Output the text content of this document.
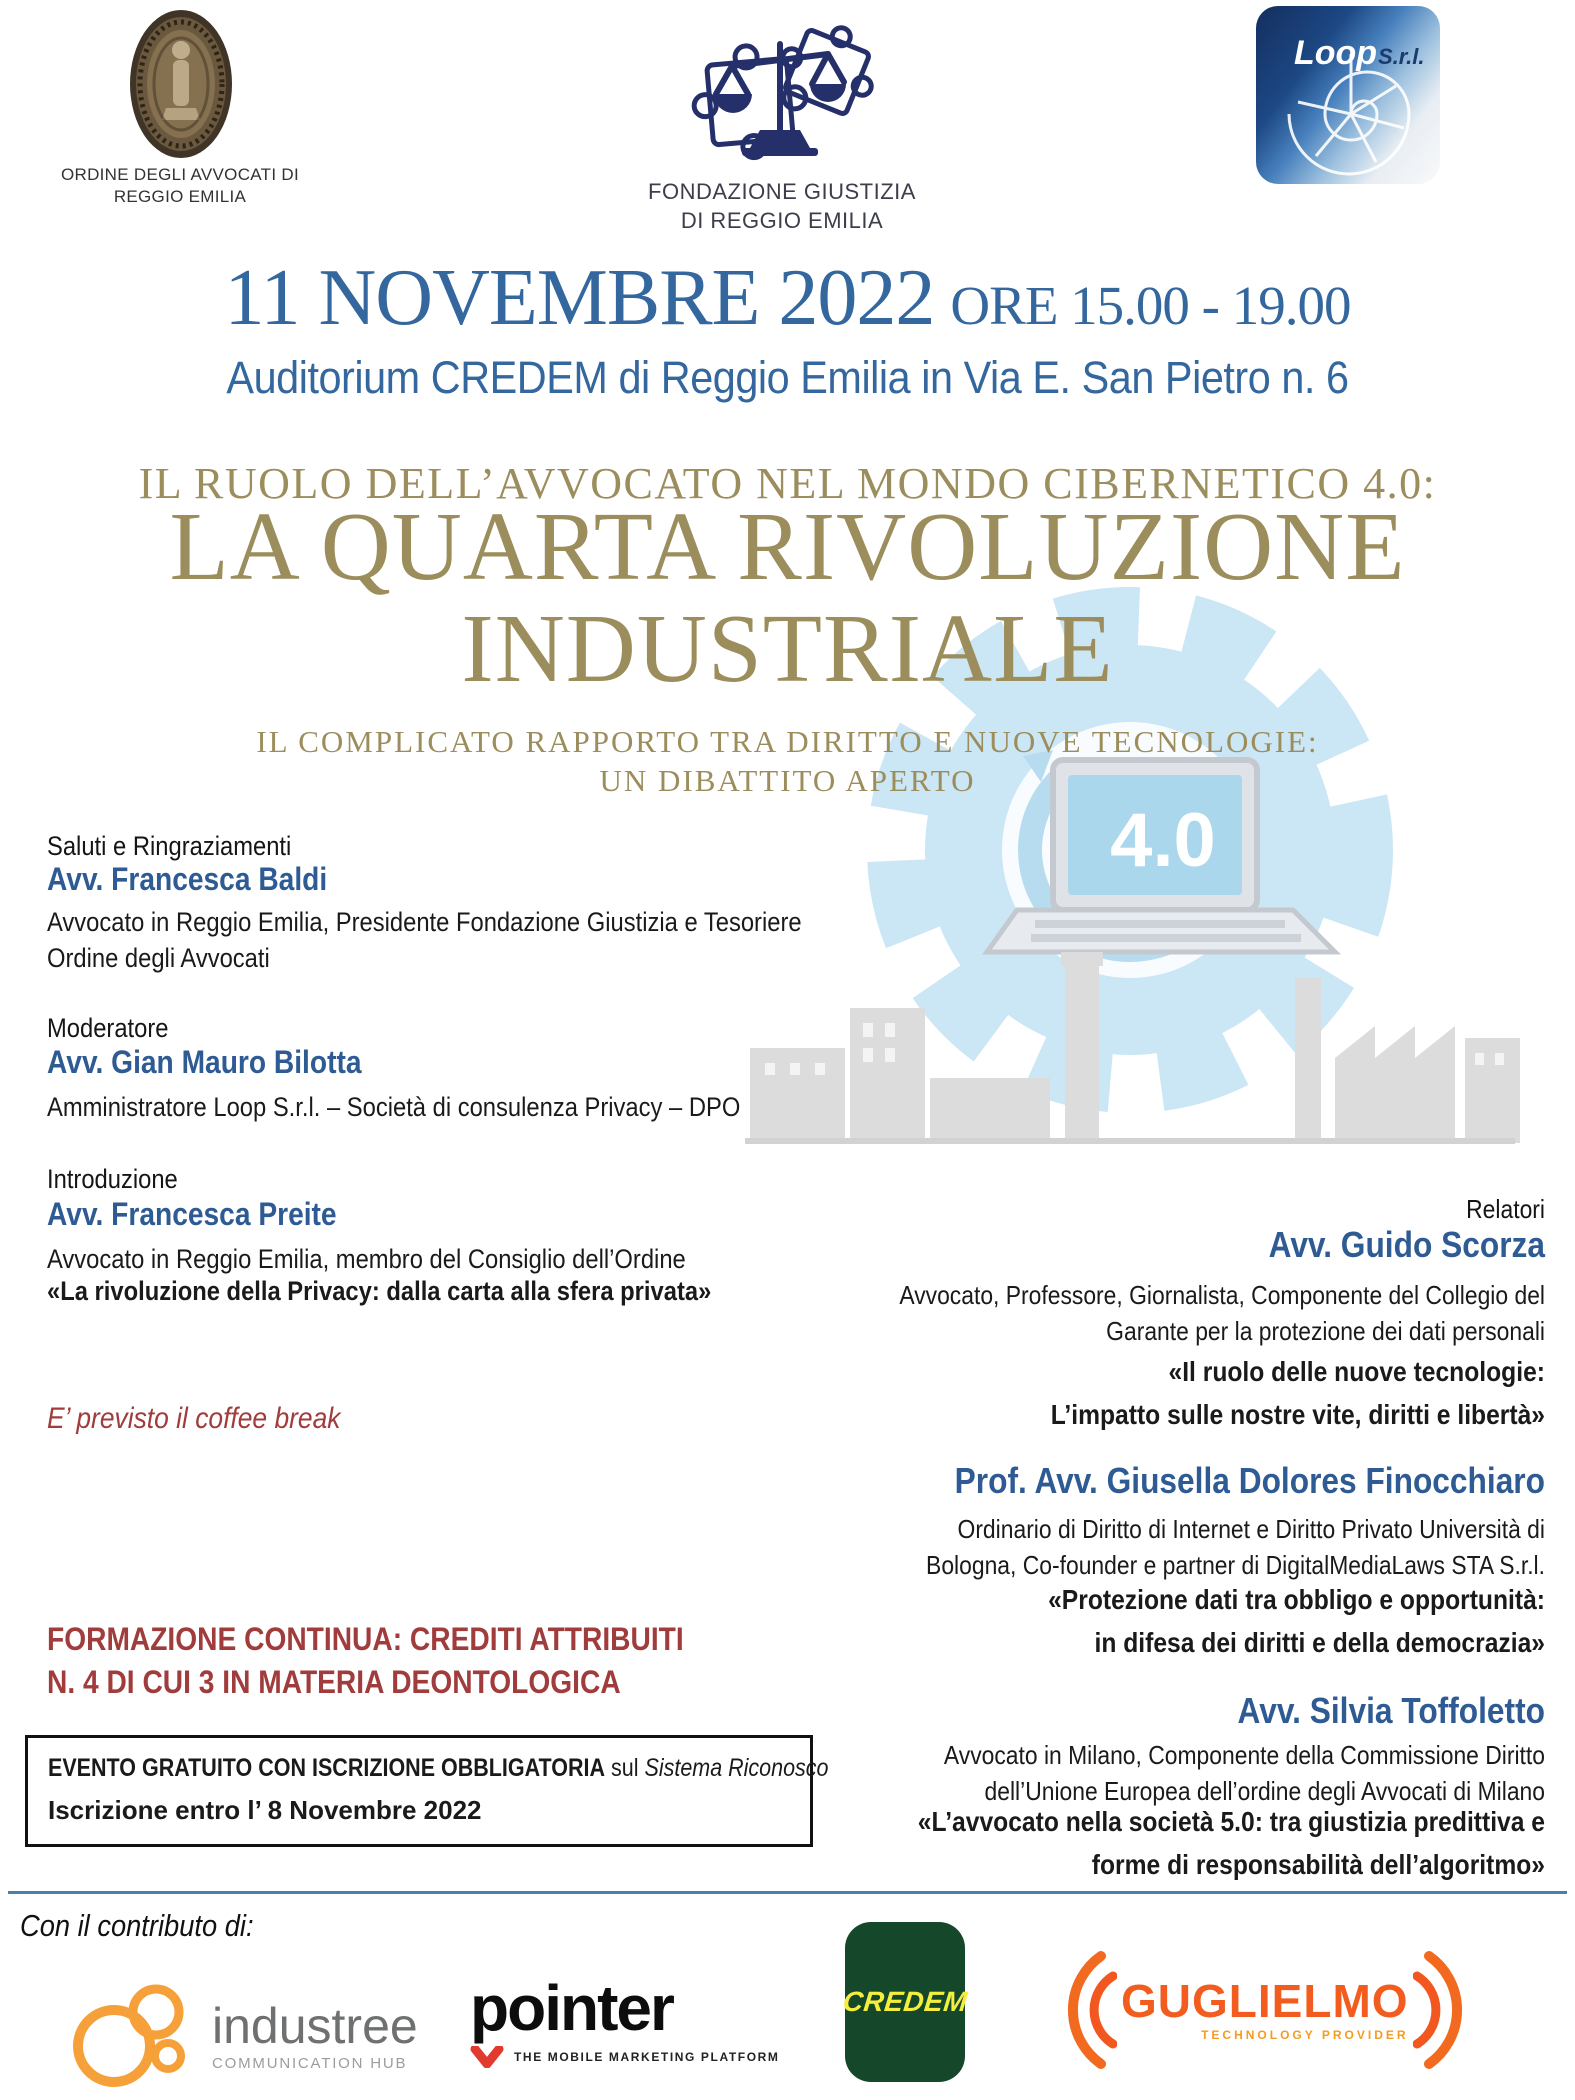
ORDINE DEGLI AVVOCATI DI
REGGIO EMILIA	FONDAZIONE GIUSTIZIA
DI REGGIO EMILIA
Loop S.r.l.
4.0
11 NOVEMBRE 2022 ORE 15.00 - 19.00
Auditorium CREDEM di Reggio Emilia in Via E. San Pietro n. 6
IL RUOLO DELL’AVVOCATO NEL MONDO CIBERNETICO 4.0:
LA QUARTA RIVOLUZIONE
INDUSTRIALE
IL COMPLICATO RAPPORTO TRA DIRITTO E NUOVE TECNOLOGIE:
UN DIBATTITO APERTO
Saluti e Ringraziamenti
Avv. Francesca Baldi
Avvocato in Reggio Emilia, Presidente Fondazione Giustizia e Tesoriere
Ordine degli Avvocati
Moderatore
Avv. Gian Mauro Bilotta
Amministratore Loop S.r.l. – Società di consulenza Privacy – DPO
Introduzione
Avv. Francesca Preite
Avvocato in Reggio Emilia, membro del Consiglio dell’Ordine
«La rivoluzione della Privacy: dalla carta alla sfera privata»
E’ previsto il coffee break
FORMAZIONE CONTINUA: CREDITI ATTRIBUITI
N. 4 DI CUI 3 IN MATERIA DEONTOLOGICA
EVENTO GRATUITO CON ISCRIZIONE OBBLIGATORIA sul Sistema Riconosco
Iscrizione entro l’ 8 Novembre 2022
Relatori
Avv. Guido Scorza
Avvocato, Professore, Giornalista, Componente del Collegio del
Garante per la protezione dei dati personali
«Il ruolo delle nuove tecnologie:
L’impatto sulle nostre vite, diritti e libertà»
Prof. Avv. Giusella Dolores Finocchiaro
Ordinario di Diritto di Internet e Diritto Privato Università di
Bologna, Co-founder e partner di DigitalMediaLaws STA S.r.l.
«Protezione dati tra obbligo e opportunità:
in difesa dei diritti e della democrazia»
Avv. Silvia Toffoletto
Avvocato in Milano, Componente della Commissione Diritto
dell’Unione Europea dell’ordine degli Avvocati di Milano
«L’avvocato nella società 5.0: tra giustizia predittiva e
forme di responsabilità dell’algoritmo»
Con il contributo di:
industree
COMMUNICATION HUB
pointer
THE MOBILE MARKETING PLATFORM
CREDEM	GUGLIELMO
TECHNOLOGY PROVIDER
